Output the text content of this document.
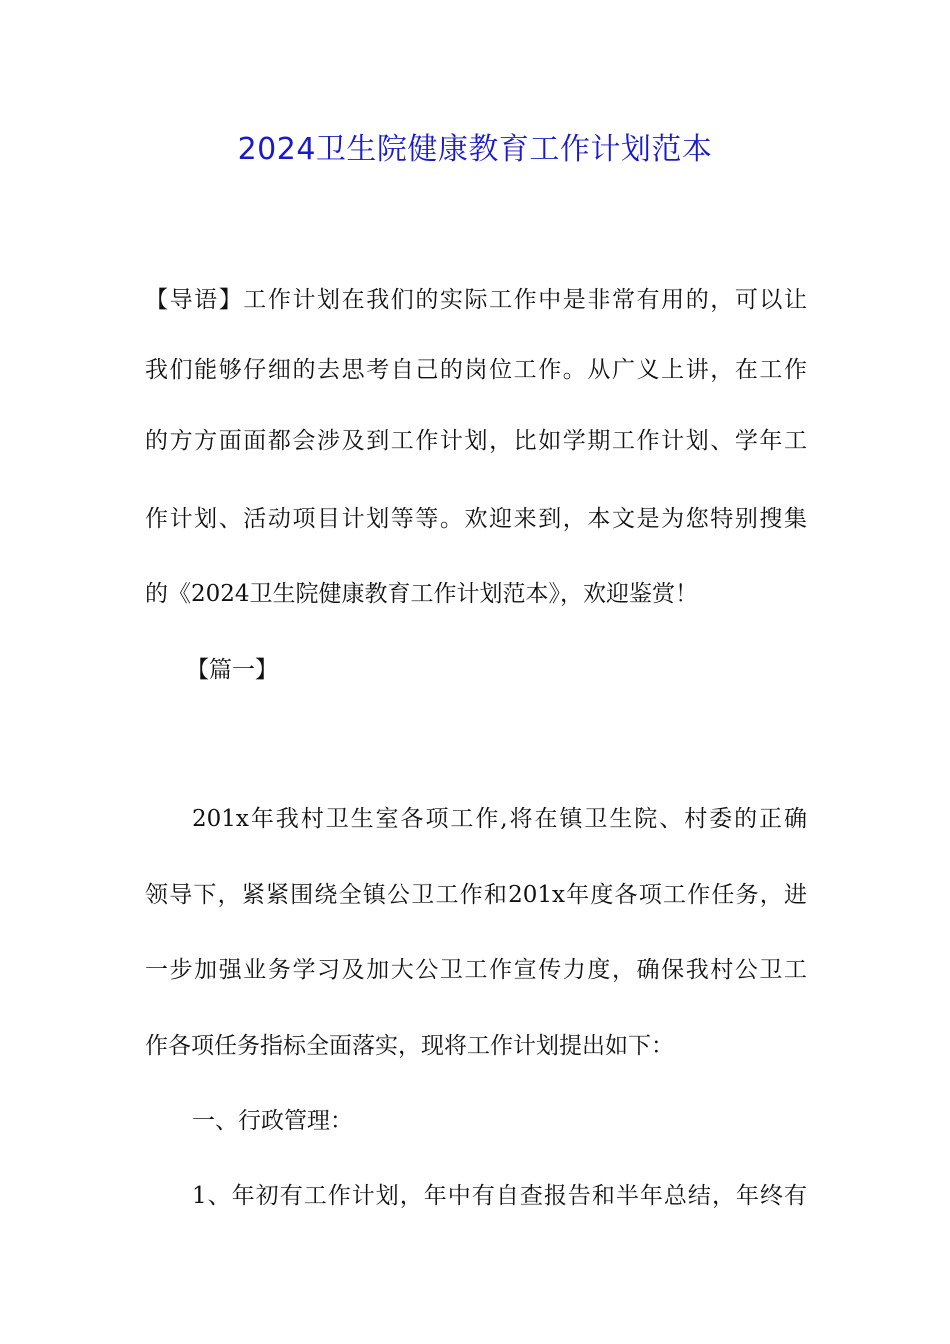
2024卫生院健康教育工作计划范本
【导语】工作计划在我们的实际工作中是非常有用的，可以让
我们能够仔细的去思考自己的岗位工作。从广义上讲，在工作
的方方面面都会涉及到工作计划，比如学期工作计划、学年工
作计划、活动项目计划等等。欢迎来到，本文是为您特别搜集
的《2024卫生院健康教育工作计划范本》，欢迎鉴赏！
【篇一】
201x年我村卫生室各项工作,将在镇卫生院、村委的正确
领导下，紧紧围绕全镇公卫工作和201x年度各项工作任务，进
一步加强业务学习及加大公卫工作宣传力度，确保我村公卫工
作各项任务指标全面落实，现将工作计划提出如下：
一、行政管理：
1、年初有工作计划，年中有自查报告和半年总结，年终有
